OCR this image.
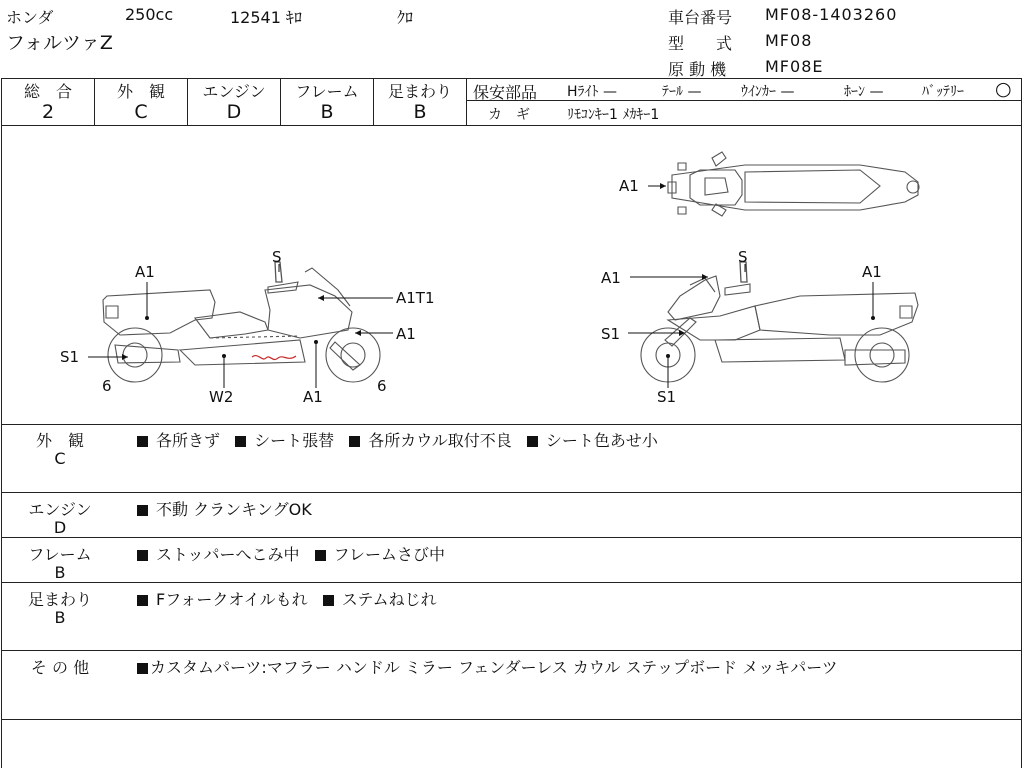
ホンダ	250cc	12541 ｷﾛ	ｸﾛ
フォルツァZ
車台番号 MF08-1403260
型　　式 MF08
原 動 機 MF08E
総　合
2
外　観
C
エンジン
D
フレーム
B
足まわり
B
保安部品 Hﾗｲﾄ —	ﾃｰﾙ —	ｳｲﾝｶｰ —	ﾎｰﾝ —	ﾊﾞｯﾃﾘｰ ○
カ　ギ	ﾘﾓｺﾝｷｰ1 ﾒｶｷｰ1
A1
S
A1T1
A1
S1
6
W2	A1
6
A1
A1
S
A1
S1
S1
外　観
C
各所きず シート張替 各所カウル取付不良 シート色あせ小
エンジン
D
不動 クランキングOK
フレーム
B
ストッパーへこみ中 フレームさび中
足まわり
B
Fフォークオイルもれ ステムねじれ
そ の 他	カスタムパーツ:マフラー ハンドル ミラー フェンダーレス カウル ステップボード メッキパーツ
